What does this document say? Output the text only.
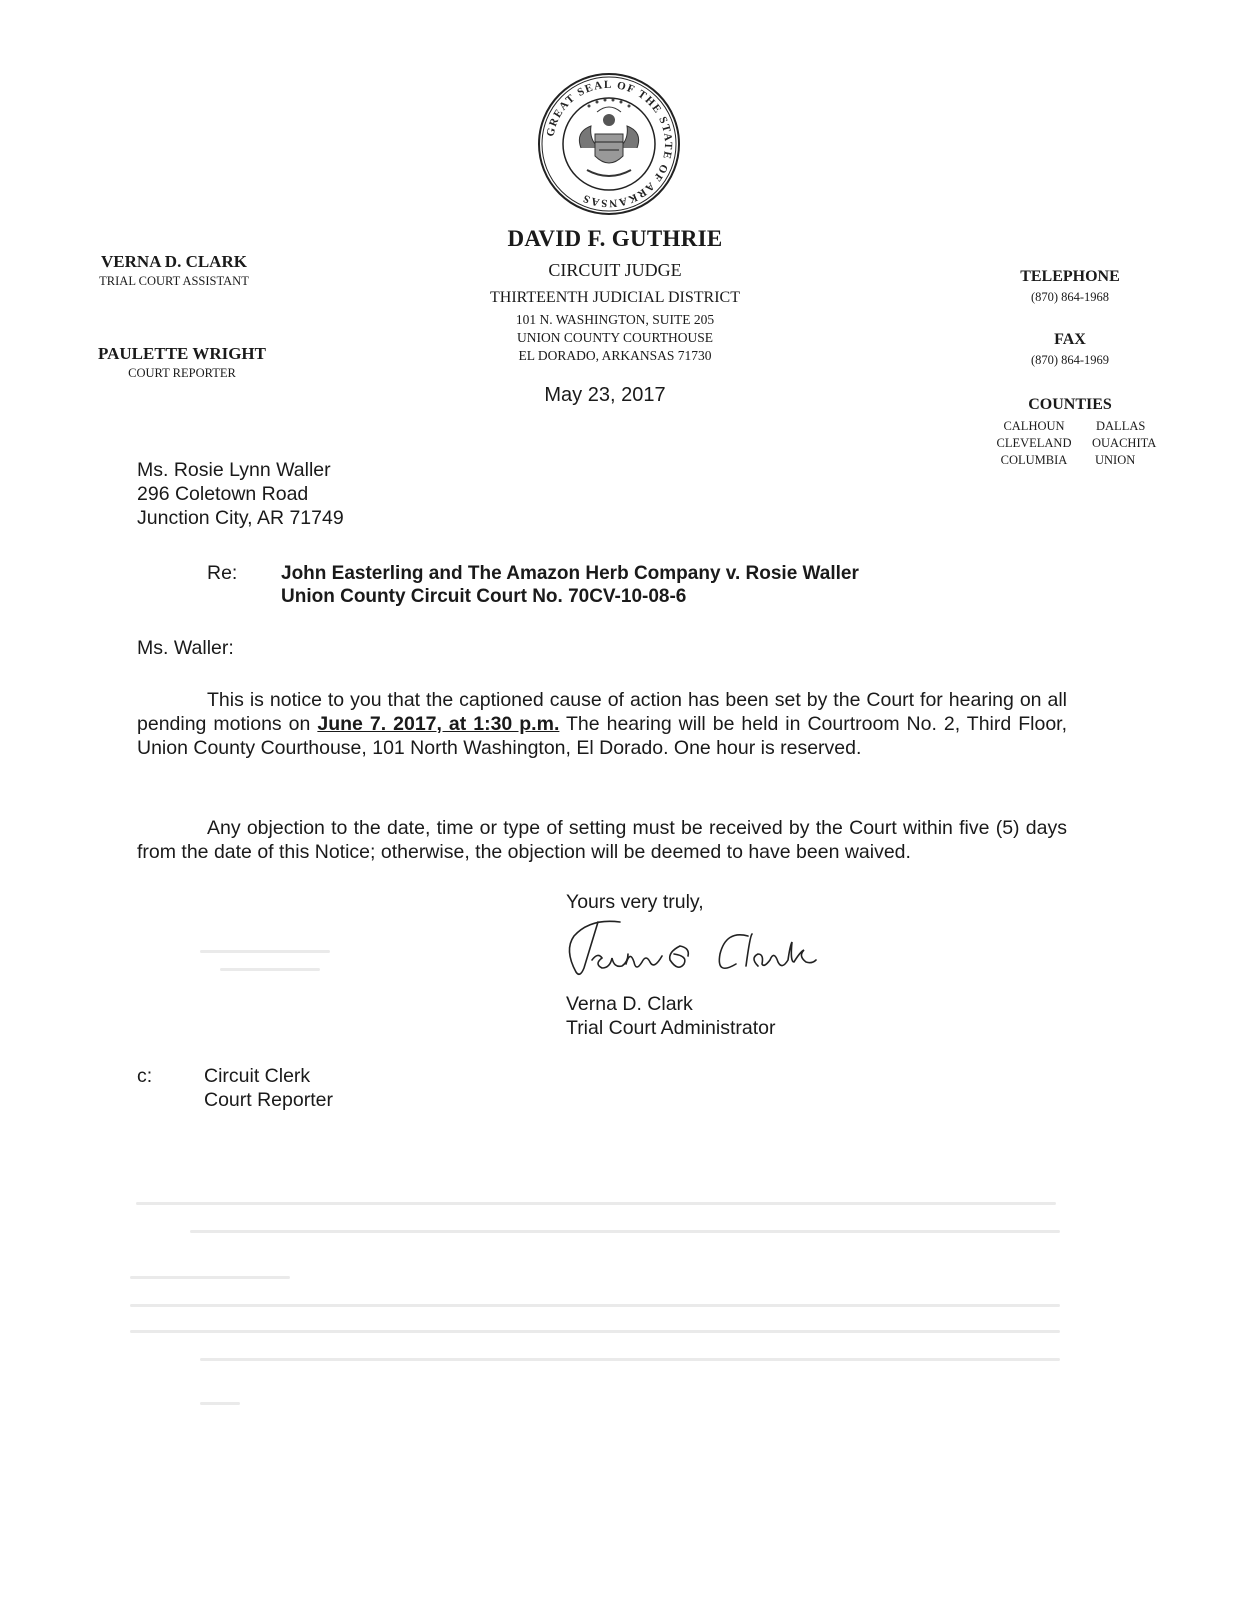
GREAT SEAL OF THE STATE OF ARKANSAS
DAVID F. GUTHRIE
CIRCUIT JUDGE
THIRTEENTH JUDICIAL DISTRICT
101 N. WASHINGTON, SUITE 205
UNION COUNTY COURTHOUSE
EL DORADO, ARKANSAS 71730
May 23, 2017
VERNA D. CLARK
TRIAL COURT ASSISTANT
PAULETTE WRIGHT
COURT REPORTER
TELEPHONE
(870) 864-1968
FAX
(870) 864-1969
COUNTIES
CALHOUN
CLEVELAND
COLUMBIA
DALLAS
OUACHITA
UNION
Ms. Rosie Lynn Waller
296 Coletown Road
Junction City, AR 71749
Re: John Easterling and The Amazon Herb Company v. Rosie Waller
Union County Circuit Court No. 70CV-10-08-6
Ms. Waller:
This is notice to you that the captioned cause of action has been set by the Court for hearing on all pending motions on June 7. 2017, at 1:30 p.m. The hearing will be held in Courtroom No. 2, Third Floor, Union County Courthouse, 101 North Washington, El Dorado. One hour is reserved.
Any objection to the date, time or type of setting must be received by the Court within five (5) days from the date of this Notice; otherwise, the objection will be deemed to have been waived.
Yours very truly,
Verna D. Clark
Trial Court Administrator
c:	Circuit Clerk
Court Reporter
